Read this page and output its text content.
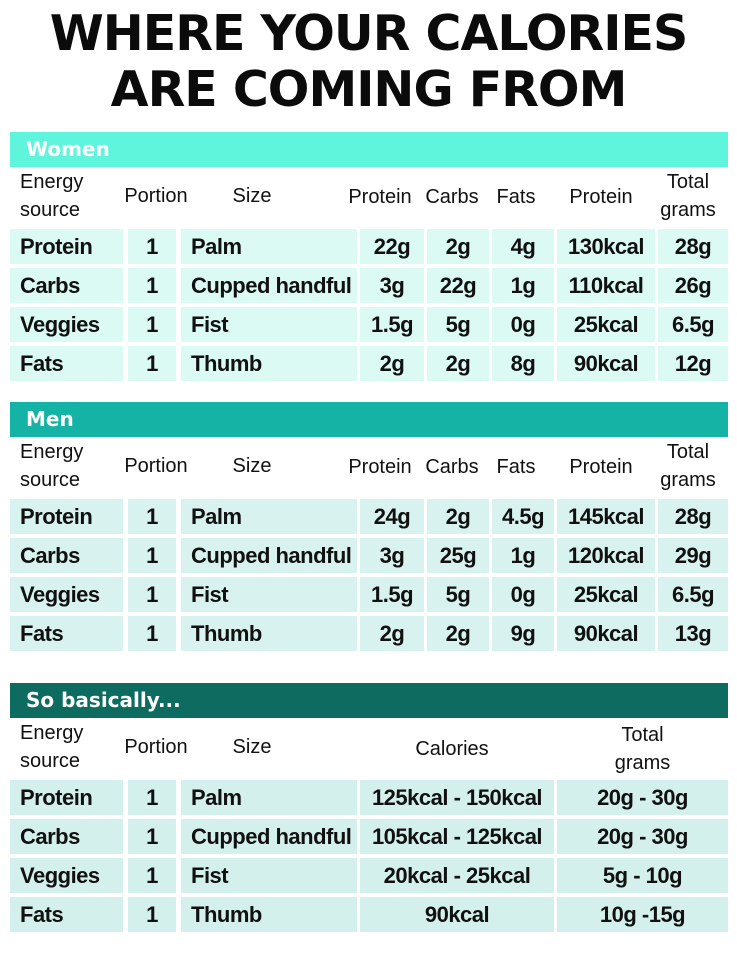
WHERE YOUR CALORIES
ARE COMING FROM
Women
Energy
source
Portion	Size	Protein Carbs Fats	Protein
Total
grams
Protein	1	Palm	22g	2g	4g	130kcal	28g
Carbs	1	Cupped handful	3g	22g	1g	110kcal	26g
Veggies	1	Fist	1.5g	5g	0g	25kcal	6.5g
Fats	1	Thumb	2g	2g	8g	90kcal	12g
Men
Energy
source
Portion	Size	Protein Carbs Fats	Protein
Total
grams
Protein	1	Palm	24g	2g	4.5g	145kcal	28g
Carbs	1	Cupped handful	3g	25g	1g	120kcal	29g
Veggies	1	Fist	1.5g	5g	0g	25kcal	6.5g
Fats	1	Thumb	2g	2g	9g	90kcal	13g
So basically...
Energy
source
Portion	Size	Calories
Total
grams
Protein	1	Palm	125kcal - 150kcal	20g - 30g
Carbs	1	Cupped handful 105kcal - 125kcal	20g - 30g
Veggies	1	Fist	20kcal - 25kcal	5g - 10g
Fats	1	Thumb	90kcal	10g -15g
